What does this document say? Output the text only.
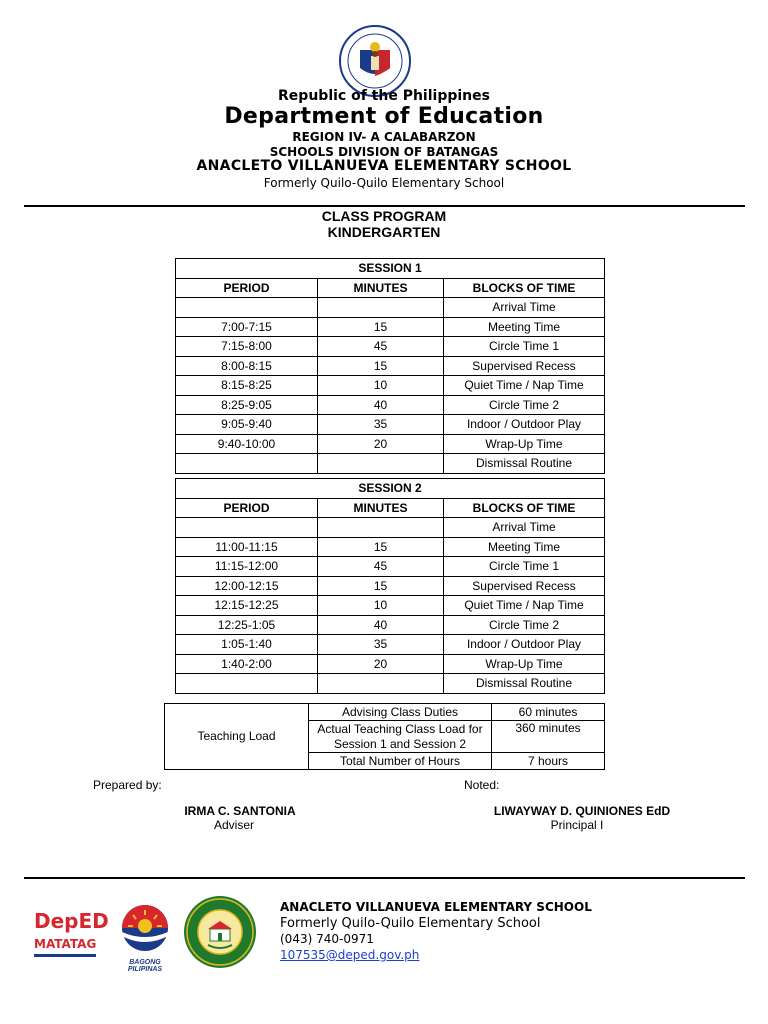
Republic of the Philippines
Department of Education
REGION IV- A CALABARZON
SCHOOLS DIVISION OF BATANGAS
ANACLETO VILLANUEVA ELEMENTARY SCHOOL
Formerly Quilo-Quilo Elementary School
CLASS PROGRAM
KINDERGARTEN
SESSION 1		
PERIOD	MINUTES	BLOCKS OF TIME
		Arrival Time
7:00-7:15	15	Meeting Time
7:15-8:00	45	Circle Time 1
8:00-8:15	15	Supervised Recess
8:15-8:25	10	Quiet Time / Nap Time
8:25-9:05	40	Circle Time 2
9:05-9:40	35	Indoor / Outdoor Play
9:40-10:00	20	Wrap-Up Time
		Dismissal Routine
SESSION 2		
PERIOD	MINUTES	BLOCKS OF TIME
		Arrival Time
11:00-11:15	15	Meeting Time
11:15-12:00	45	Circle Time 1
12:00-12:15	15	Supervised Recess
12:15-12:25	10	Quiet Time / Nap Time
12:25-1:05	40	Circle Time 2
1:05-1:40	35	Indoor / Outdoor Play
1:40-2:00	20	Wrap-Up Time
		Dismissal Routine
Teaching Load	Advising Class Duties	60 minutes
	Actual Teaching Class Load for Session 1 and Session 2	360 minutes
	Total Number of Hours	7 hours
Prepared by:	Noted:
IRMA C. SANTONIA
Adviser
LIWAYWAY D. QUINIONES EdD
Principal I
DepED
MATATAG
BAGONG PILIPINAS
ANACLETO VILLANUEVA ELEMENTARY SCHOOL
Formerly Quilo-Quilo Elementary School
(043) 740-0971
107535@deped.gov.ph
